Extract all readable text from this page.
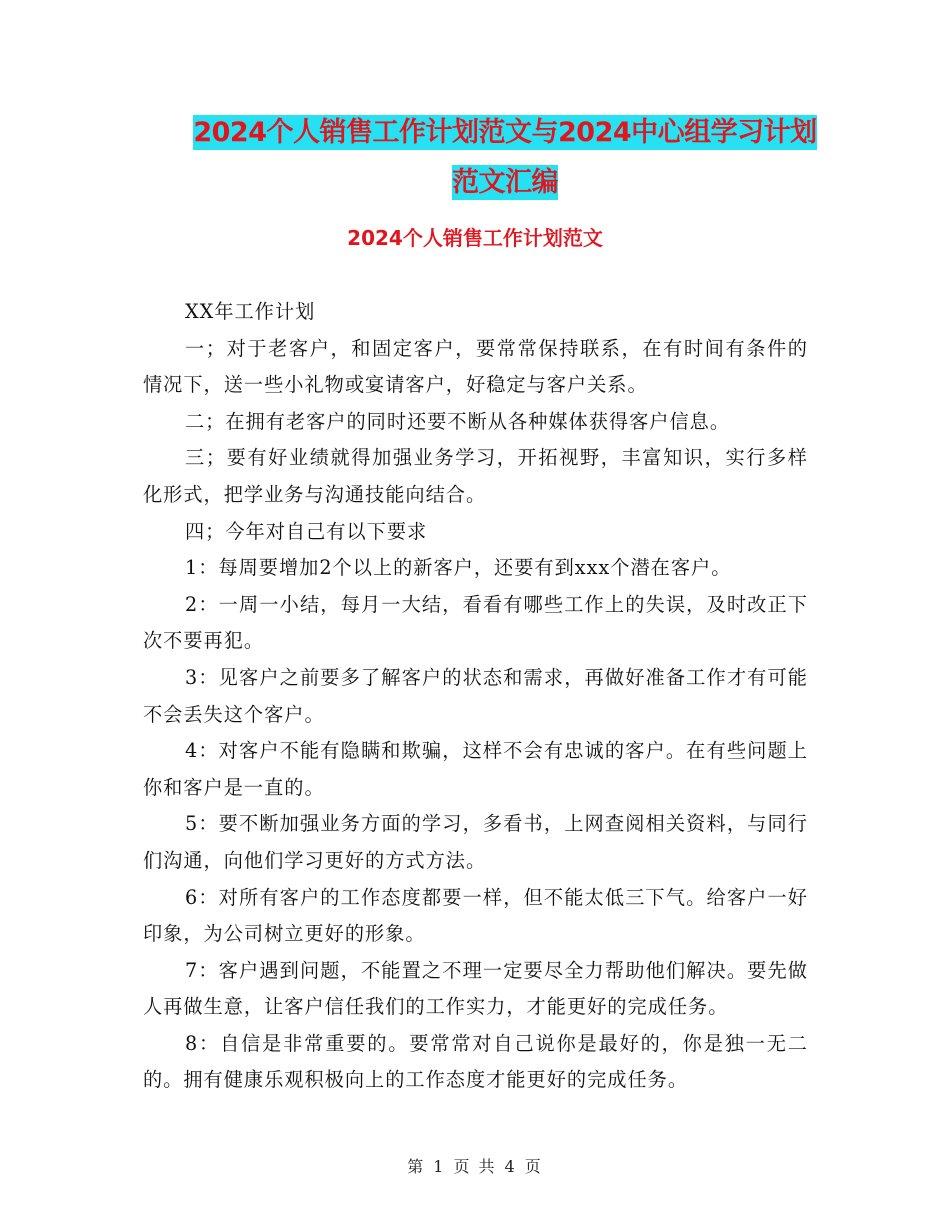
2024个人销售工作计划范文与2024中心组学习计划范文汇编
2024个人销售工作计划范文

XX年工作计划

一；对于老客户，和固定客户，要常常保持联系，在有时间有条件的情况下，送一些小礼物或宴请客户，好稳定与客户关系。

二；在拥有老客户的同时还要不断从各种媒体获得客户信息。

三；要有好业绩就得加强业务学习，开拓视野，丰富知识，实行多样化形式，把学业务与沟通技能向结合。

四；今年对自己有以下要求

1：每周要增加2个以上的新客户，还要有到xxx个潜在客户。

2：一周一小结，每月一大结，看看有哪些工作上的失误，及时改正下次不要再犯。

3：见客户之前要多了解客户的状态和需求，再做好准备工作才有可能不会丢失这个客户。

4：对客户不能有隐瞒和欺骗，这样不会有忠诚的客户。在有些问题上你和客户是一直的。

5：要不断加强业务方面的学习，多看书，上网查阅相关资料，与同行们沟通，向他们学习更好的方式方法。

6：对所有客户的工作态度都要一样，但不能太低三下气。给客户一好印象，为公司树立更好的形象。

7：客户遇到问题，不能置之不理一定要尽全力帮助他们解决。要先做人再做生意，让客户信任我们的工作实力，才能更好的完成任务。

8：自信是非常重要的。要常常对自己说你是最好的，你是独一无二的。拥有健康乐观积极向上的工作态度才能更好的完成任务。

第 1 页 共 4 页
